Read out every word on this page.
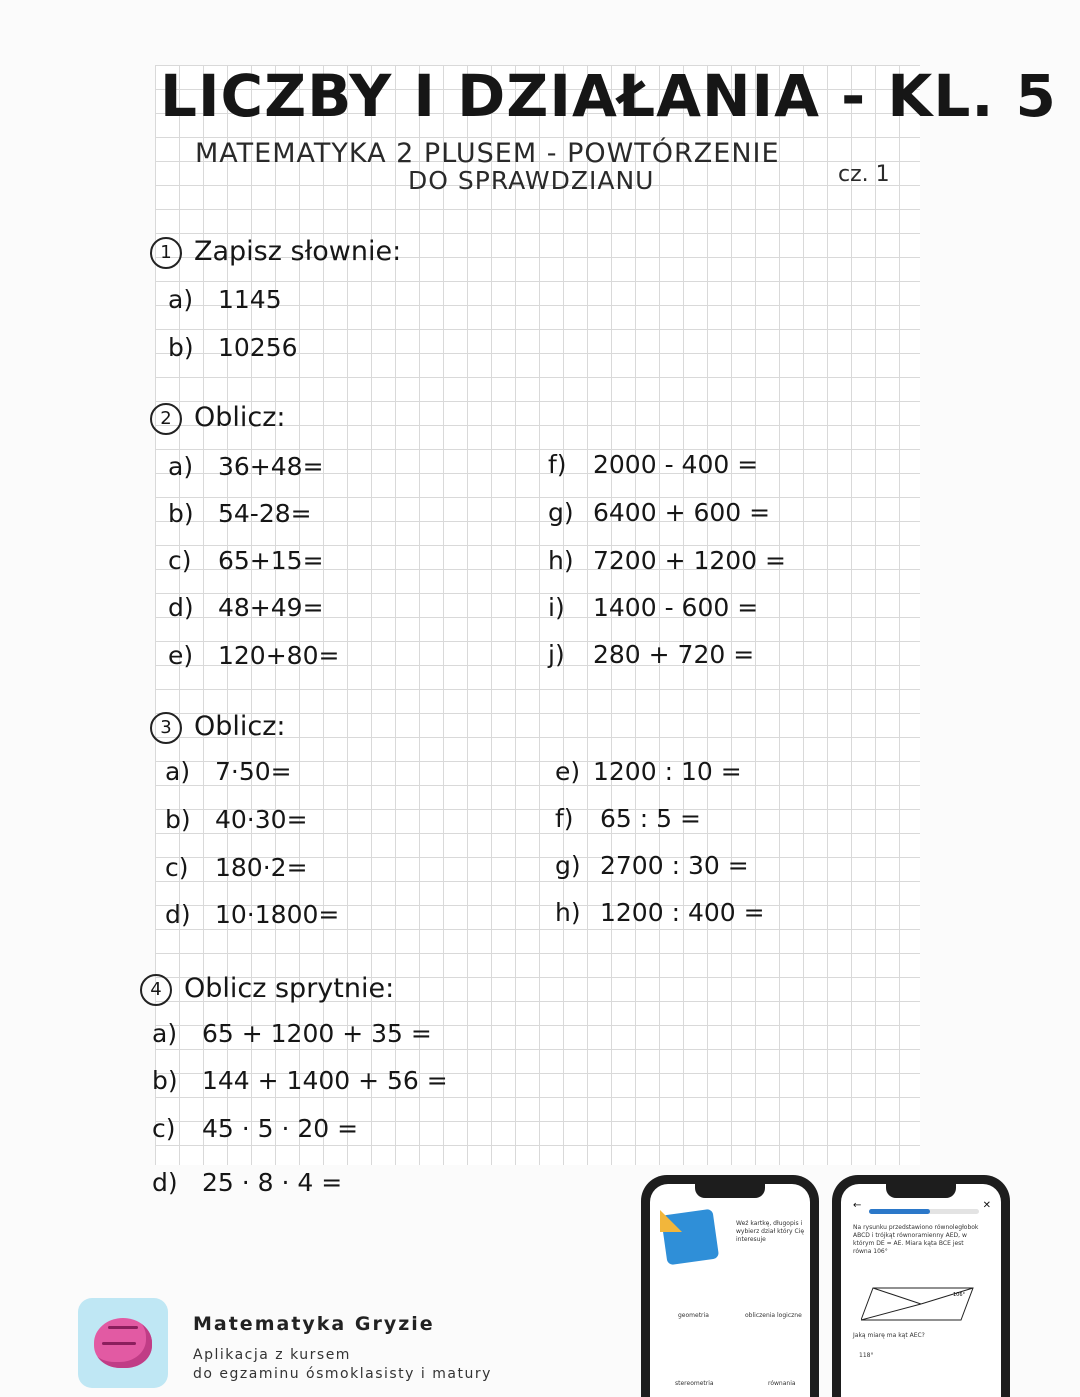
LICZBY I DZIAŁANIA - KL. 5
MATEMATYKA 2 PLUSEM - POWTÓRZENIE
DO SPRAWDZIANU	cz. 1
1 Zapisz słownie:
a) 1145
b) 10256
2 Oblicz:
a) 36+48=
b) 54-28=
c) 65+15=
d) 48+49=
e) 120+80=
f) 2000 - 400 =
g) 6400 + 600 =
h) 7200 + 1200 =
i) 1400 - 600 =
j) 280 + 720 =
3 Oblicz:
a) 7·50=
b) 40·30=
c) 180·2=
d) 10·1800=
e) 1200 : 10 =
f) 65 : 5 =
g) 2700 : 30 =
h) 1200 : 400 =
4 Oblicz sprytnie:
a) 65 + 1200 + 35 =
b) 144 + 1400 + 56 =
c) 45 · 5 · 20 =
d) 25 · 8 · 4 =
Matematyka Gryzie
Aplikacja z kursem
do egzaminu ósmoklasisty i matury
Weź kartkę, długopis i wybierz dział który Cię interesuje
geometria	obliczenia logiczne
stereometria	równania
←	✕
Na rysunku przedstawiono równoległobok ABCD i trójkąt równoramienny AED, w którym DE = AE. Miara kąta BCE jest równa 106°
106°
Jaką miarę ma kąt AEC?
118°
